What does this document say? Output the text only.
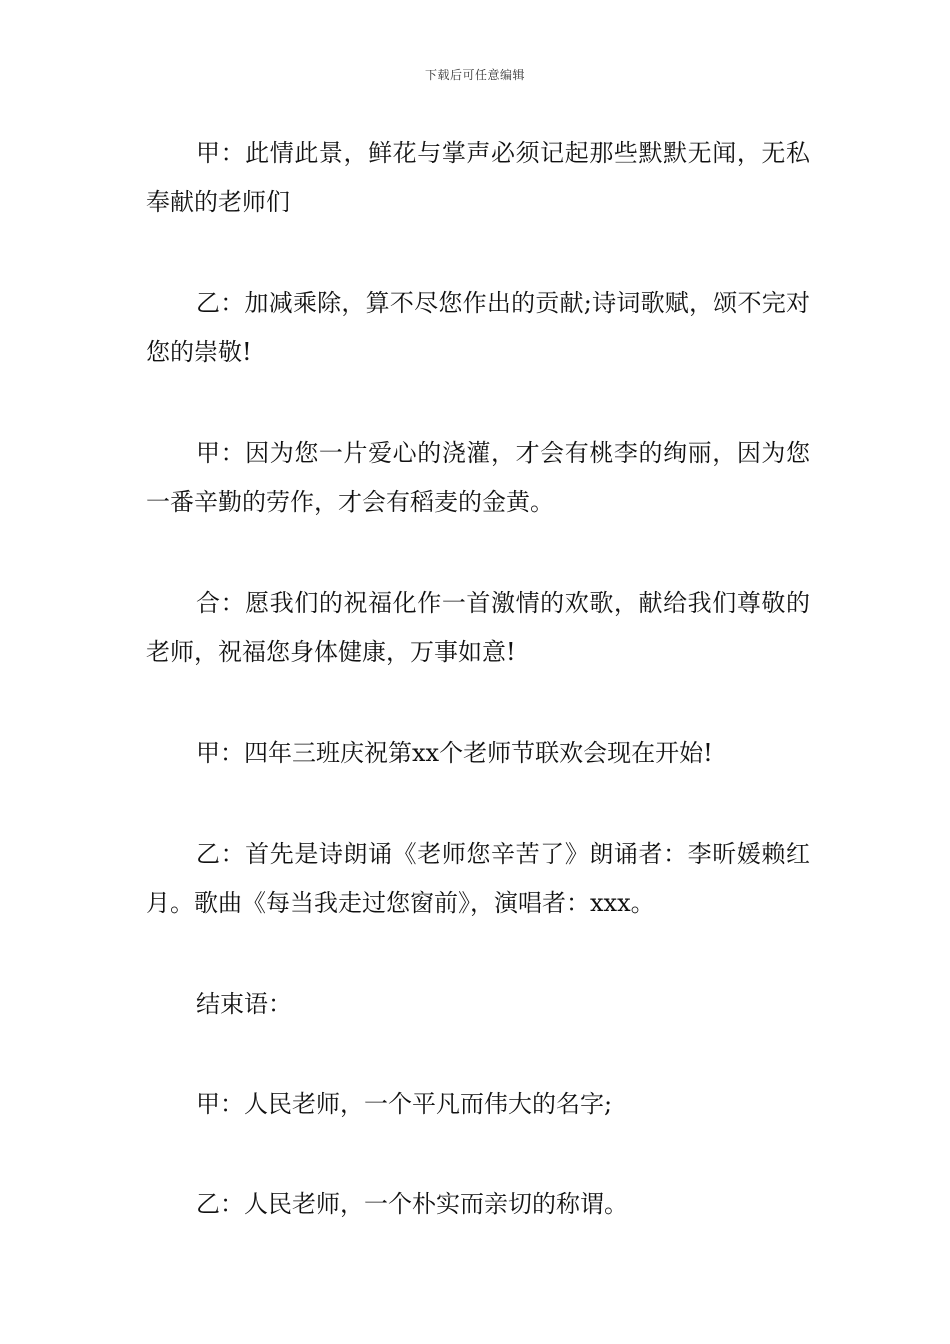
下载后可任意编辑

甲：此情此景，鲜花与掌声必须记起那些默默无闻，无私奉献的老师们

乙：加减乘除，算不尽您作出的贡献;诗词歌赋，颂不完对您的崇敬!

甲：因为您一片爱心的浇灌，才会有桃李的绚丽，因为您一番辛勤的劳作，才会有稻麦的金黄。

合：愿我们的祝福化作一首激情的欢歌，献给我们尊敬的老师，祝福您身体健康，万事如意!

甲：四年三班庆祝第xx个老师节联欢会现在开始!

乙：首先是诗朗诵《老师您辛苦了》朗诵者：李昕媛赖红月。歌曲《每当我走过您窗前》，演唱者：xxx。

结束语：

甲：人民老师，一个平凡而伟大的名字;

乙：人民老师，一个朴实而亲切的称谓。
